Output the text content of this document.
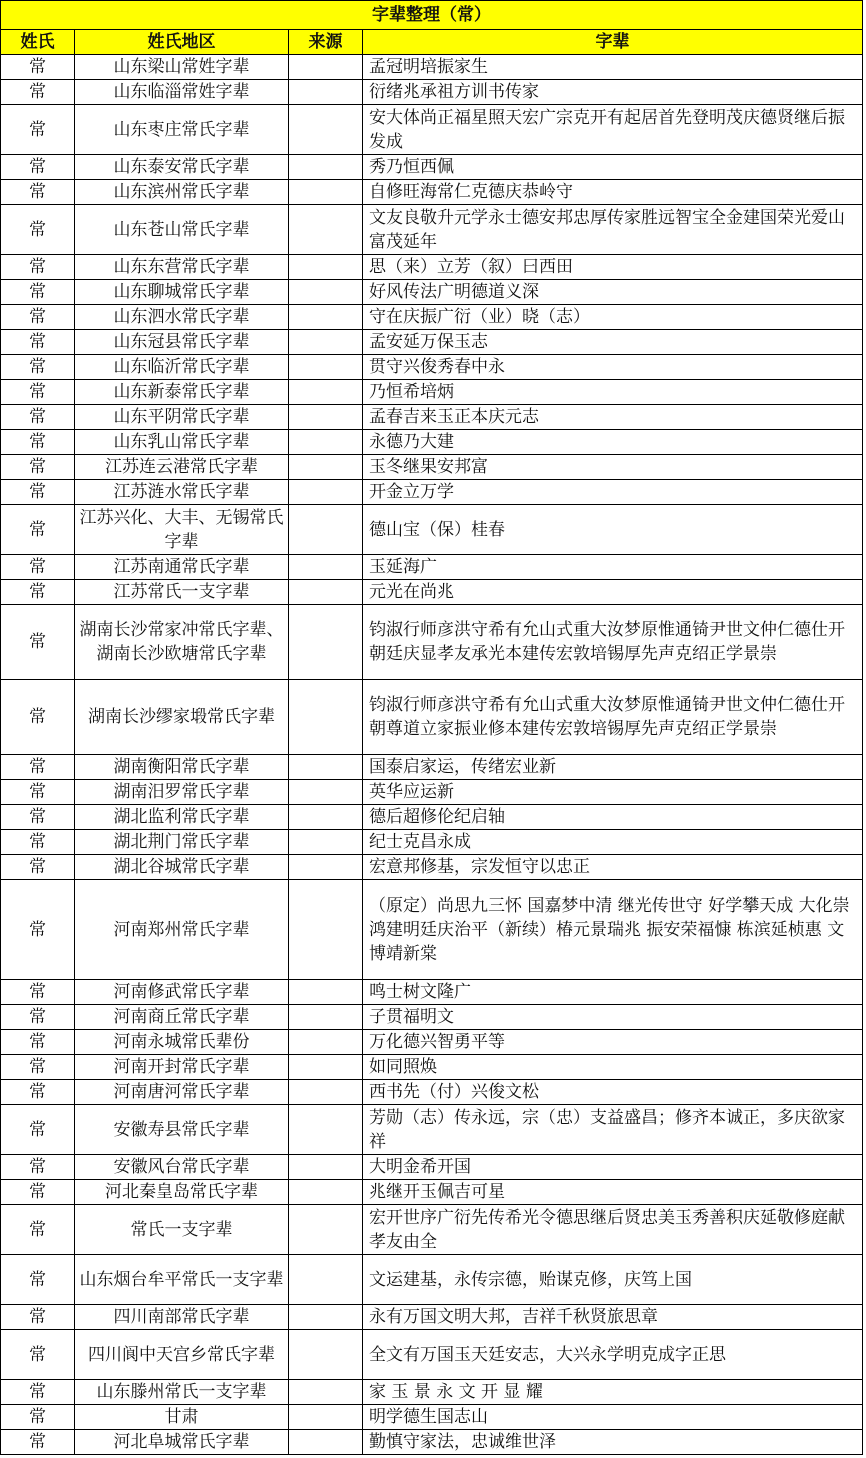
字辈整理（常）			
姓氏	姓氏地区	来源	字辈
常	山东梁山常姓字辈		孟冠明培振家生
常	山东临淄常姓字辈		衍绪兆承祖方训书传家
常	山东枣庄常氏字辈		安大体尚正福星照天宏广宗克开有起居首先登明茂庆德贤继后振发成
常	山东泰安常氏字辈		秀乃恒西佩
常	山东滨州常氏字辈		自修旺海常仁克德庆恭岭守
常	山东苍山常氏字辈		文友良敬升元学永士德安邦忠厚传家胜远智宝全金建国荣光爱山富茂延年
常	山东东营常氏字辈		思（来）立芳（叙）曰西田
常	山东聊城常氏字辈		好风传法广明德道义深
常	山东泗水常氏字辈		守在庆振广衍（业）晓（志）
常	山东冠县常氏字辈		孟安延万保玉志
常	山东临沂常氏字辈		贯守兴俊秀春中永
常	山东新泰常氏字辈		乃恒希培炳
常	山东平阴常氏字辈		孟春吉来玉正本庆元志
常	山东乳山常氏字辈		永德乃大建
常	江苏连云港常氏字辈		玉冬继果安邦富
常	江苏涟水常氏字辈		开金立万学
常	江苏兴化、大丰、无锡常氏字辈		德山宝（保）桂春
常	江苏南通常氏字辈		玉延海广
常	江苏常氏一支字辈		元光在尚兆
常	湖南长沙常家冲常氏字辈、湖南长沙欧塘常氏字辈		钧淑行师彦洪守希有允山式重大汝梦原惟通锜尹世文仲仁德仕开朝廷庆显孝友承光本建传宏敦培锡厚先声克绍正学景崇
常	湖南长沙缪家塅常氏字辈		钧淑行师彦洪守希有允山式重大汝梦原惟通锜尹世文仲仁德仕开朝尊道立家振业修本建传宏敦培锡厚先声克绍正学景崇
常	湖南衡阳常氏字辈		国泰启家运，传绪宏业新
常	湖南汨罗常氏字辈		英华应运新
常	湖北监利常氏字辈		德后超修伦纪启轴
常	湖北荆门常氏字辈		纪士克昌永成
常	湖北谷城常氏字辈		宏意邦修基，宗发恒守以忠正
常	河南郑州常氏字辈		（原定）尚思九三怀 国嘉梦中清 继光传世守 好学攀天成 大化崇鸿建明廷庆治平（新续）椿元景瑞兆 振安荣福慷 栋滨延桢惠 文博靖新棠
常	河南修武常氏字辈		鸣士树文隆广
常	河南商丘常氏字辈		子贯福明文
常	河南永城常氏辈份		万化德兴智勇平等
常	河南开封常氏字辈		如同照焕
常	河南唐河常氏字辈		西书先（付）兴俊文松
常	安徽寿县常氏字辈		芳勋（志）传永远，宗（忠）支益盛昌；修齐本诚正，多庆欲家祥
常	安徽风台常氏字辈		大明金希开国
常	河北秦皇岛常氏字辈		兆继开玉佩吉可星
常	常氏一支字辈		宏开世序广衍先传希光令德思继后贤忠美玉秀善积庆延敬修庭献孝友由全
常	山东烟台牟平常氏一支字辈		文运建基，永传宗德，贻谋克修，庆笃上国
常	四川南部常氏字辈		永有万国文明大邦，吉祥千秋贤旅思章
常	四川阆中天宫乡常氏字辈		全文有万国玉天廷安志，大兴永学明克成字正思
常	山东滕州常氏一支字辈		家 玉 景 永 文 开 显 耀
常	甘肃		明学德生国志山
常	河北阜城常氏字辈		勤慎守家法，忠诚维世泽
